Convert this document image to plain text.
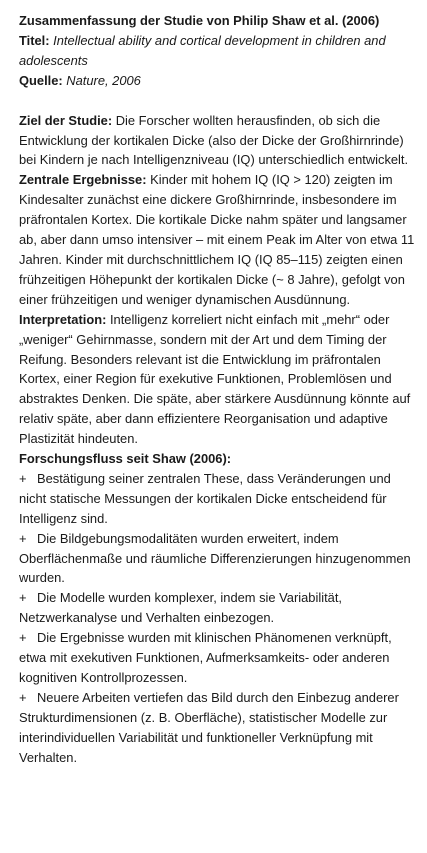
Zusammenfassung der Studie von Philip Shaw et al. (2006)

Titel: Intellectual ability and cortical development in children and adolescents

Quelle: Nature, 2006

Ziel der Studie: Die Forscher wollten herausfinden, ob sich die Entwicklung der kortikalen Dicke (also der Dicke der Großhirnrinde) bei Kindern je nach Intelligenzniveau (IQ) unterschiedlich entwickelt.

Zentrale Ergebnisse: Kinder mit hohem IQ (IQ > 120) zeigten im Kindesalter zunächst eine dickere Großhirnrinde, insbesondere im präfrontalen Kortex. Die kortikale Dicke nahm später und langsamer ab, aber dann umso intensiver – mit einem Peak im Alter von etwa 11 Jahren. Kinder mit durchschnittlichem IQ (IQ 85–115) zeigten einen frühzeitigen Höhepunkt der kortikalen Dicke (~ 8 Jahre), gefolgt von einer frühzeitigen und weniger dynamischen Ausdünnung.

Interpretation: Intelligenz korreliert nicht einfach mit „mehr“ oder „weniger“ Gehirnmasse, sondern mit der Art und dem Timing der Reifung. Besonders relevant ist die Entwicklung im präfrontalen Kortex, einer Region für exekutive Funktionen, Problemlösen und abstraktes Denken. Die späte, aber stärkere Ausdünnung könnte auf relativ späte, aber dann effizientere Reorganisation und adaptive Plastizität hindeuten.

Forschungsfluss seit Shaw (2006):

+ Bestätigung seiner zentralen These, dass Veränderungen und nicht statische Messungen der kortikalen Dicke entscheidend für Intelligenz sind.

+ Die Bildgebungsmodalitäten wurden erweitert, indem Oberflächenmaße und räumliche Differenzierungen hinzugenommen wurden.

+ Die Modelle wurden komplexer, indem sie Variabilität, Netzwerkanalyse und Verhalten einbezogen.

+ Die Ergebnisse wurden mit klinischen Phänomenen verknüpft, etwa mit exekutiven Funktionen, Aufmerksamkeits- oder anderen kognitiven Kontrollprozessen.

+ Neuere Arbeiten vertiefen das Bild durch den Einbezug anderer Strukturdimensionen (z. B. Oberfläche), statistischer Modelle zur interindividuellen Variabilität und funktioneller Verknüpfung mit Verhalten.
